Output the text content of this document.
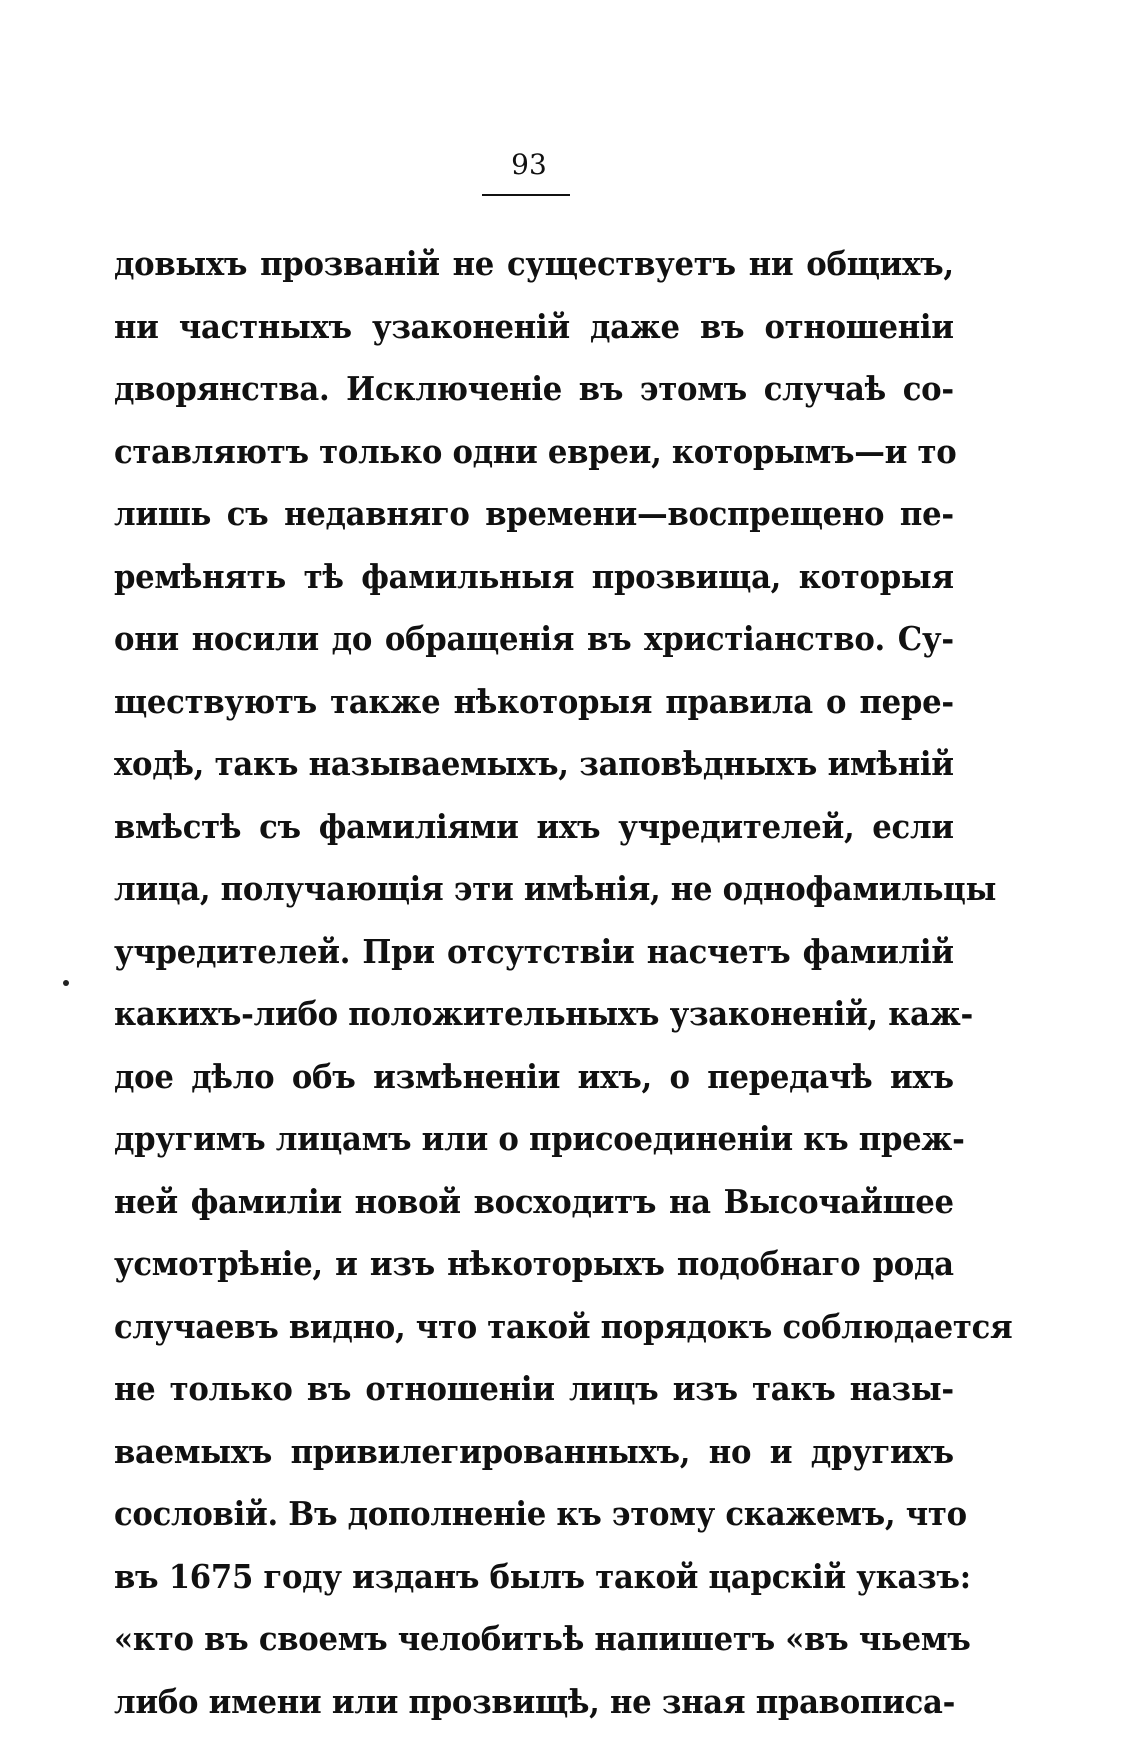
93
довыхъ прозванiй не существуетъ ни общихъ,
ни частныхъ узаконенiй даже въ отношенiи
дворянства. Исключенiе въ этомъ случаѣ со-
ставляютъ только одни евреи, которымъ—и то
лишь съ недавняго времени—воспрещено пе-
ремѣнять тѣ фамильныя прозвища, которыя
они носили до обращенiя въ христiанство. Су-
ществуютъ также нѣкоторыя правила о пере-
ходѣ, такъ называемыхъ, заповѣдныхъ имѣнiй
вмѣстѣ съ фамилiями ихъ учредителей, если
лица, получающiя эти имѣнiя, не однофамильцы
учредителей. При отсутствiи насчетъ фамилiй
какихъ-либо положительныхъ узаконенiй, каж-
дое дѣло объ измѣненiи ихъ, о передачѣ ихъ
другимъ лицамъ или о присоединенiи къ преж-
ней фамилiи новой восходитъ на Высочайшее
усмотрѣнiе, и изъ нѣкоторыхъ подобнаго рода
случаевъ видно, что такой порядокъ соблюдается
не только въ отношенiи лицъ изъ такъ назы-
ваемыхъ привилегированныхъ, но и другихъ
сословiй. Въ дополненiе къ этому скажемъ, что
въ 1675 году изданъ былъ такой царскiй указъ:
«кто въ своемъ челобитьѣ напишетъ «въ чьемъ
либо имени или прозвищѣ, не зная правописа-
